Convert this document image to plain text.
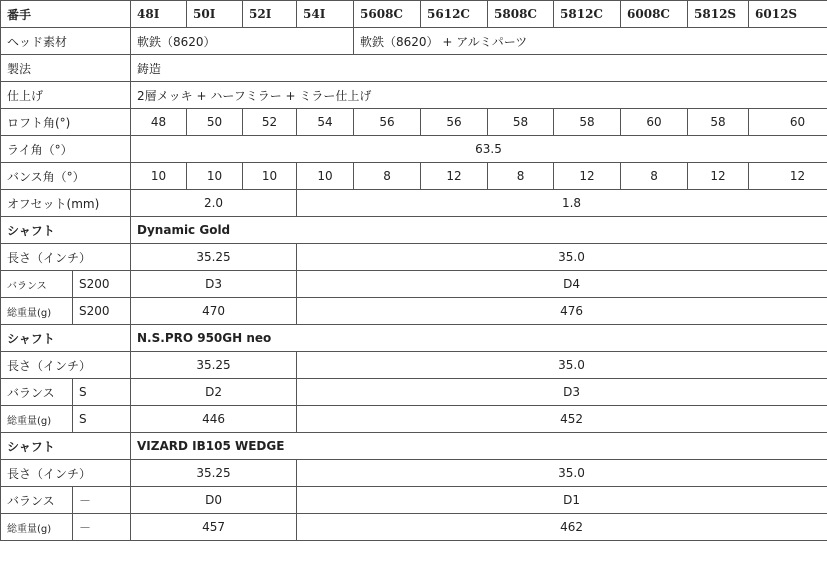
番手		48I	50I	52I	54I	5608C	5612C	5808C	5812C	6008C	5812S	6012S
ヘッド素材		軟鉄（8620）				軟鉄（8620） + アルミパーツ						
製法		鋳造										
仕上げ		2層メッキ + ハーフミラー + ミラー仕上げ										
ロフト角(°)		48	50	52	54	56	56	58	58	60	58	60
ライ角（°）		63.5										
バンス角（°）		10	10	10	10	8	12	8	12	8	12	12
オフセット(mm)		2.0			1.8							
シャフト		Dynamic Gold										
長さ（インチ）		35.25			35.0							
バランス	S200	D3			D4							
総重量(g)	S200	470			476							
シャフト		N.S.PRO 950GH neo										
長さ（インチ）		35.25			35.0							
バランス	S	D2			D3							
総重量(g)	S	446			452							
シャフト		VIZARD IB105 WEDGE										
長さ（インチ）		35.25			35.0							
バランス	－	D0			D1							
総重量(g)	－	457			462							
